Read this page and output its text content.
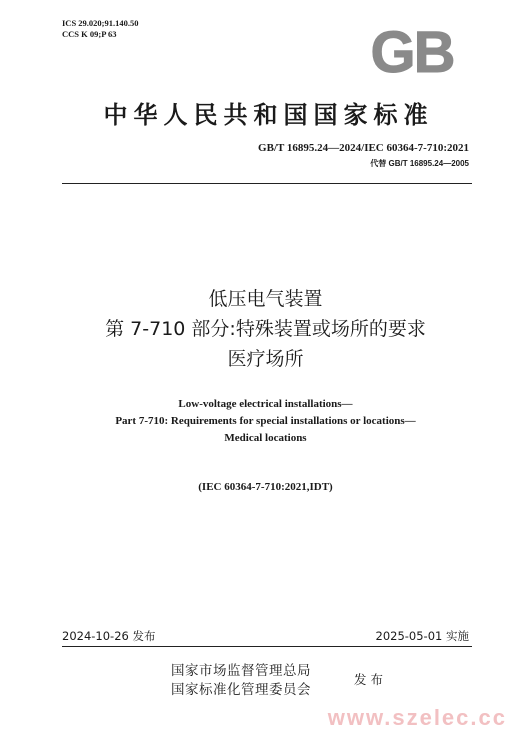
ICS 29.020;91.140.50
CCS K 09;P 63	GB
中华人民共和国国家标准
GB/T 16895.24—2024/IEC 60364-7-710:2021
代替 GB/T 16895.24—2005
低压电气装置
第 7-710 部分:特殊装置或场所的要求
医疗场所
Low-voltage electrical installations—
Part 7-710: Requirements for special installations or locations—
Medical locations
(IEC 60364-7-710:2021,IDT)
2024-10-26 发布	2025-05-01 实施
国家市场监督管理总局
国家标准化管理委员会
发布
www.szelec.cc
